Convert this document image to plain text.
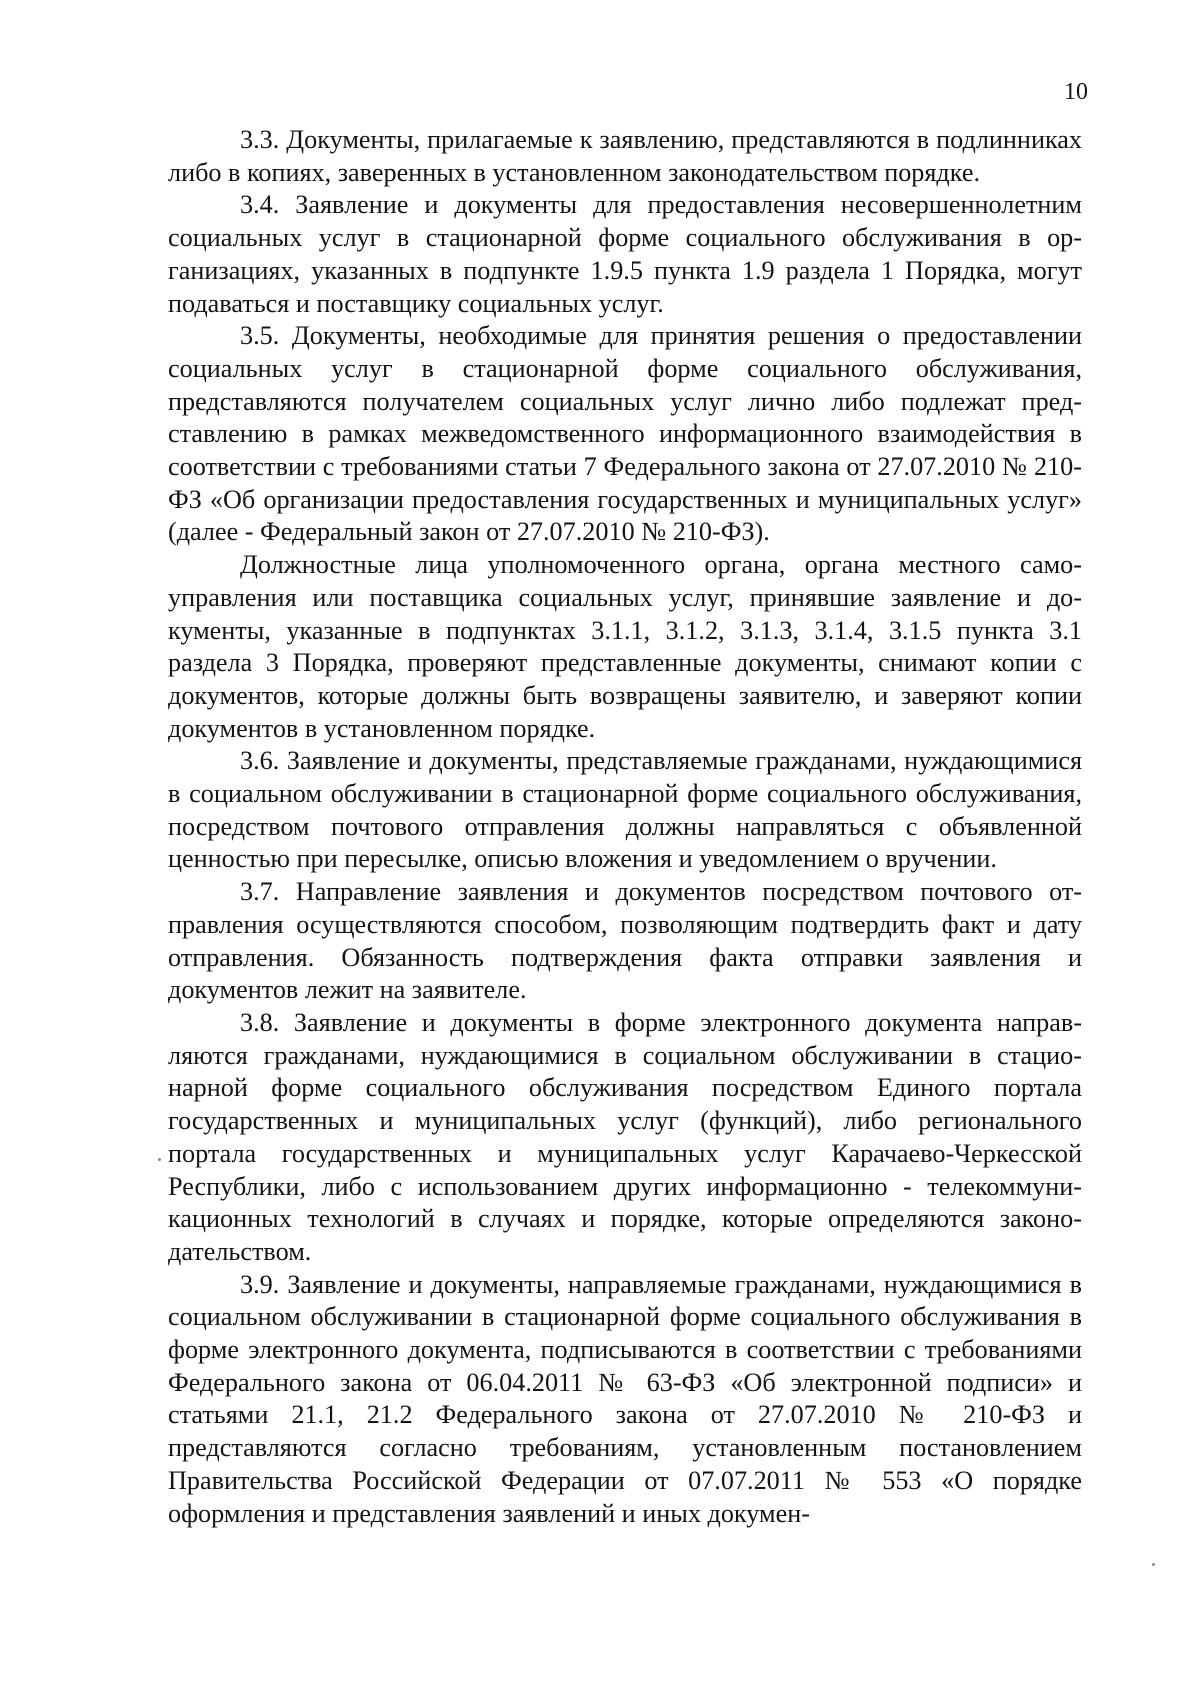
10

3.3. Документы, прилагаемые к заявлению, представляются в подлинниках либо в копиях, заверенных в установленном законодательством порядке.

3.4. Заявление и документы для предоставления несовершеннолетним социальных услуг в стационарной форме социального обслуживания в организациях, указанных в подпункте 1.9.5 пункта 1.9 раздела 1 Порядка, могут подаваться и поставщику социальных услуг.

3.5. Документы, необходимые для принятия решения о предоставлении социальных услуг в стационарной форме социального обслуживания, представляются получателем социальных услуг лично либо подлежат представлению в рамках межведомственного информационного взаимодействия в соответствии с требованиями статьи 7 Федерального закона от 27.07.2010 № 210-ФЗ «Об организации предоставления государственных и муниципальных услуг» (далее - Федеральный закон от 27.07.2010 № 210-ФЗ).

Должностные лица уполномоченного органа, органа местного самоуправления или поставщика социальных услуг, принявшие заявление и документы, указанные в подпунктах 3.1.1, 3.1.2, 3.1.3, 3.1.4, 3.1.5 пункта 3.1 раздела 3 Порядка, проверяют представленные документы, снимают копии с документов, которые должны быть возвращены заявителю, и заверяют копии документов в установленном порядке.

3.6. Заявление и документы, представляемые гражданами, нуждающимися в социальном обслуживании в стационарной форме социального обслуживания, посредством почтового отправления должны направляться с объявленной ценностью при пересылке, описью вложения и уведомлением о вручении.

3.7. Направление заявления и документов посредством почтового отправления осуществляются способом, позволяющим подтвердить факт и дату отправления. Обязанность подтверждения факта отправки заявления и документов лежит на заявителе.

3.8. Заявление и документы в форме электронного документа направляются гражданами, нуждающимися в социальном обслуживании в стационарной форме социального обслуживания посредством Единого портала государственных и муниципальных услуг (функций), либо регионального портала государственных и муниципальных услуг Карачаево-Черкесской Республики, либо с использованием других информационно - телекоммуникационных технологий в случаях и порядке, которые определяются законодательством.

3.9. Заявление и документы, направляемые гражданами, нуждающимися в социальном обслуживании в стационарной форме социального обслуживания в форме электронного документа, подписываются в соответствии с требованиями Федерального закона от 06.04.2011 № 63-ФЗ «Об электронной подписи» и статьями 21.1, 21.2 Федерального закона от 27.07.2010 № 210-ФЗ и представляются согласно требованиям, установленным постановлением Правительства Российской Федерации от 07.07.2011 № 553 «О порядке оформления и представления заявлений и иных докумен-
